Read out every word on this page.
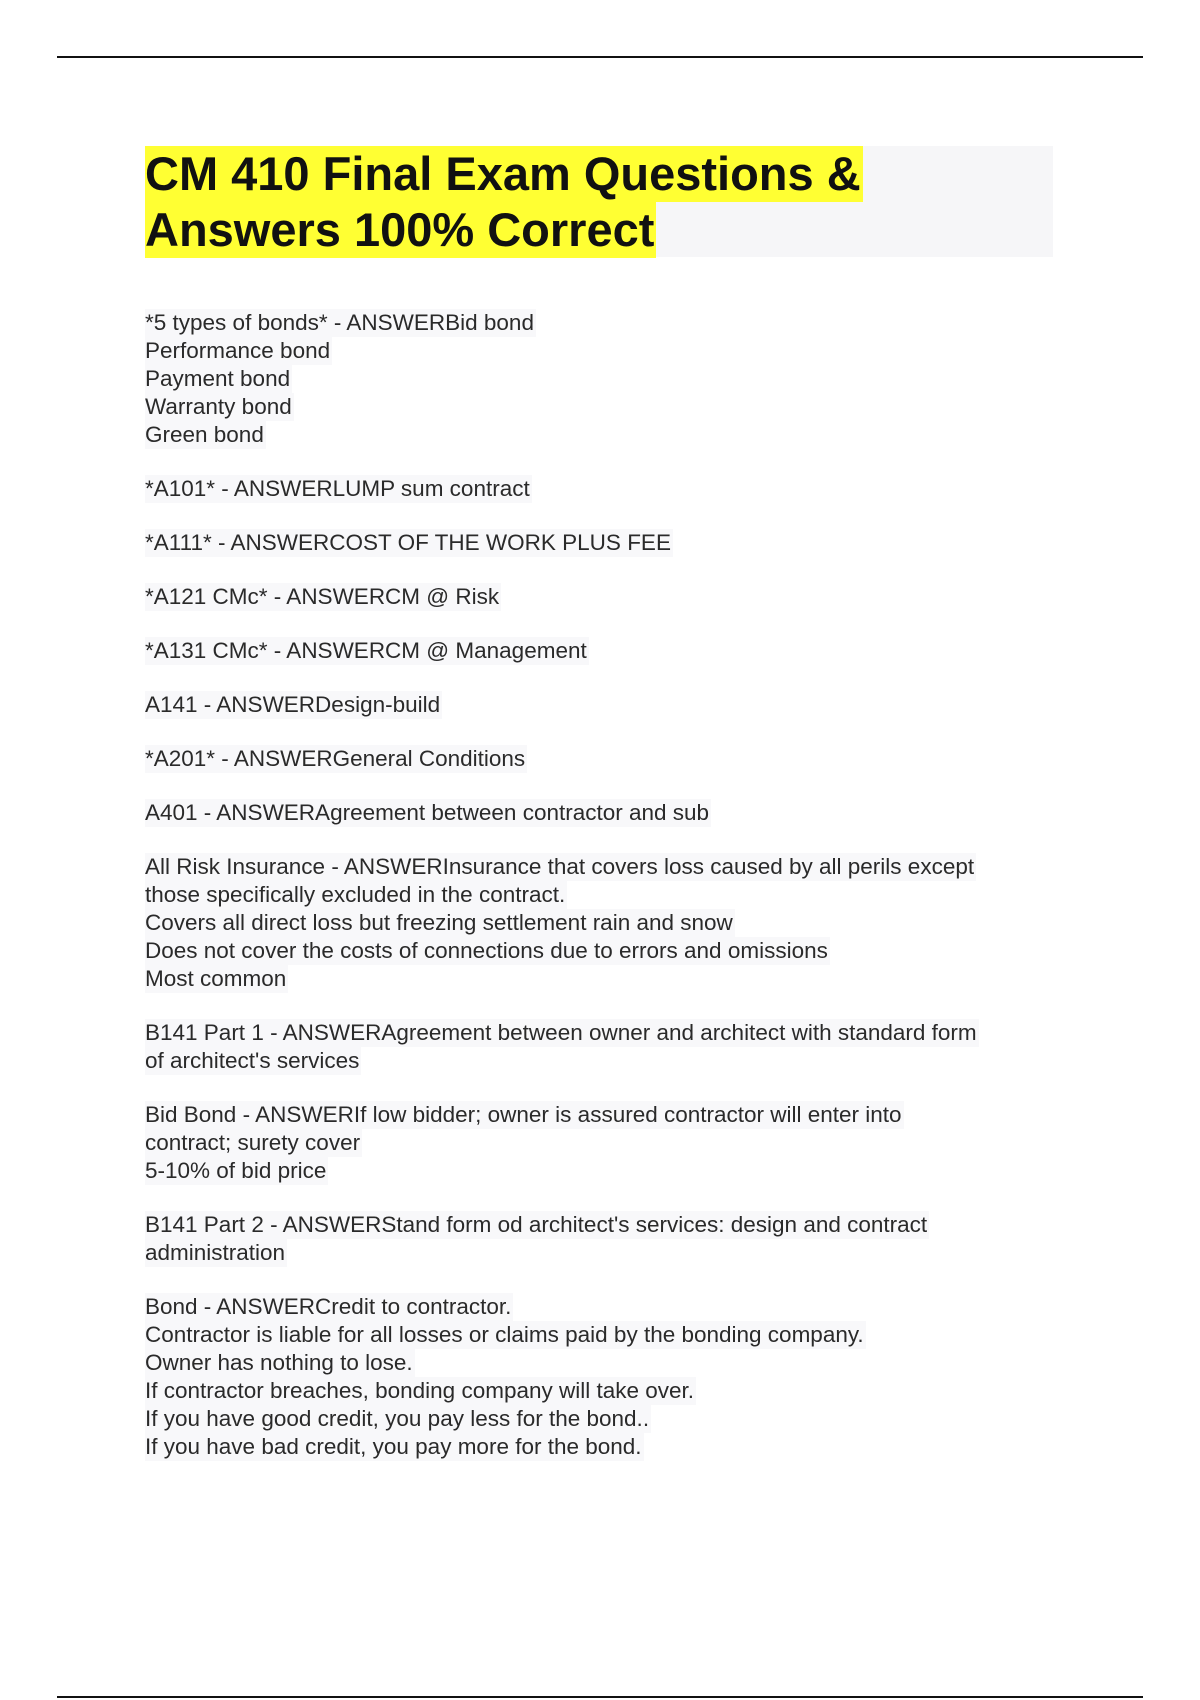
CM 410 Final Exam Questions &
Answers 100% Correct
*5 types of bonds* - ANSWERBid bond
Performance bond
Payment bond
Warranty bond
Green bond
*A101* - ANSWERLUMP sum contract
*A111* - ANSWERCOST OF THE WORK PLUS FEE
*A121 CMc* - ANSWERCM @ Risk
*A131 CMc* - ANSWERCM @ Management
A141 - ANSWERDesign-build
*A201* - ANSWERGeneral Conditions
A401 - ANSWERAgreement between contractor and sub
All Risk Insurance - ANSWERInsurance that covers loss caused by all perils except
those specifically excluded in the contract.
Covers all direct loss but freezing settlement rain and snow
Does not cover the costs of connections due to errors and omissions
Most common
B141 Part 1 - ANSWERAgreement between owner and architect with standard form
of architect's services
Bid Bond - ANSWERIf low bidder; owner is assured contractor will enter into
contract; surety cover
5-10% of bid price
B141 Part 2 - ANSWERStand form od architect's services: design and contract
administration
Bond - ANSWERCredit to contractor.
Contractor is liable for all losses or claims paid by the bonding company.
Owner has nothing to lose.
If contractor breaches, bonding company will take over.
If you have good credit, you pay less for the bond..
If you have bad credit, you pay more for the bond.
